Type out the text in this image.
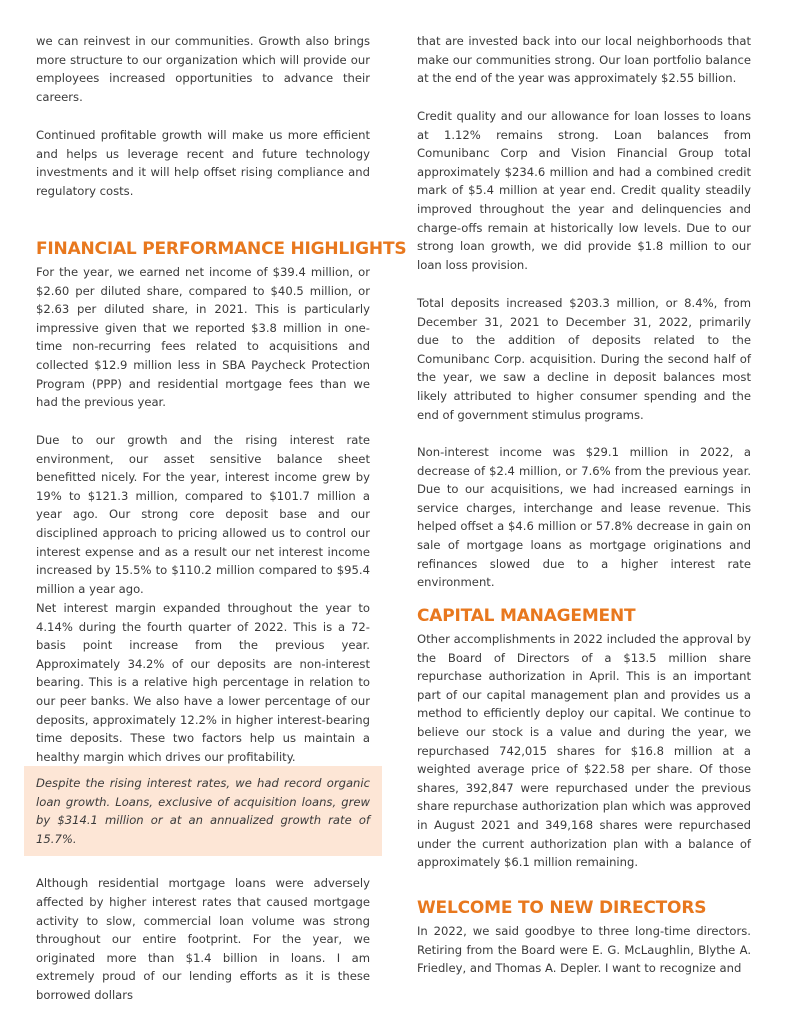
we can reinvest in our communities. Growth also brings more structure to our organization which will provide our employees increased opportunities to advance their careers.

Continued profitable growth will make us more efficient and helps us leverage recent and future technology investments and it will help offset rising compliance and regulatory costs.

FINANCIAL PERFORMANCE HIGHLIGHTS

For the year, we earned net income of $39.4 million, or $2.60 per diluted share, compared to $40.5 million, or $2.63 per diluted share, in 2021. This is particularly impressive given that we reported $3.8 million in one-time non-recurring fees related to acquisitions and collected $12.9 million less in SBA Paycheck Protection Program (PPP) and residential mortgage fees than we had the previous year.

Due to our growth and the rising interest rate environment, our asset sensitive balance sheet benefitted nicely. For the year, interest income grew by 19% to $121.3 million, compared to $101.7 million a year ago. Our strong core deposit base and our disciplined approach to pricing allowed us to control our interest expense and as a result our net interest income increased by 15.5% to $110.2 million compared to $95.4 million a year ago.

Net interest margin expanded throughout the year to 4.14% during the fourth quarter of 2022. This is a 72-basis point increase from the previous year. Approximately 34.2% of our deposits are non-interest bearing. This is a relative high percentage in relation to our peer banks. We also have a lower percentage of our deposits, approximately 12.2% in higher interest-bearing time deposits. These two factors help us maintain a healthy margin which drives our profitability.

Despite the rising interest rates, we had record organic loan growth. Loans, exclusive of acquisition loans, grew by $314.1 million or at an annualized growth rate of 15.7%.

Although residential mortgage loans were adversely affected by higher interest rates that caused mortgage activity to slow, commercial loan volume was strong throughout our entire footprint. For the year, we originated more than $1.4 billion in loans. I am extremely proud of our lending efforts as it is these borrowed dollars

that are invested back into our local neighborhoods that make our communities strong. Our loan portfolio balance at the end of the year was approximately $2.55 billion.

Credit quality and our allowance for loan losses to loans at 1.12% remains strong. Loan balances from Comunibanc Corp and Vision Financial Group total approximately $234.6 million and had a combined credit mark of $5.4 million at year end. Credit quality steadily improved throughout the year and delinquencies and charge-offs remain at historically low levels. Due to our strong loan growth, we did provide $1.8 million to our loan loss provision.

Total deposits increased $203.3 million, or 8.4%, from December 31, 2021 to December 31, 2022, primarily due to the addition of deposits related to the Comunibanc Corp. acquisition. During the second half of the year, we saw a decline in deposit balances most likely attributed to higher consumer spending and the end of government stimulus programs.

Non-interest income was $29.1 million in 2022, a decrease of $2.4 million, or 7.6% from the previous year. Due to our acquisitions, we had increased earnings in service charges, interchange and lease revenue. This helped offset a $4.6 million or 57.8% decrease in gain on sale of mortgage loans as mortgage originations and refinances slowed due to a higher interest rate environment.

CAPITAL MANAGEMENT

Other accomplishments in 2022 included the approval by the Board of Directors of a $13.5 million share repurchase authorization in April. This is an important part of our capital management plan and provides us a method to efficiently deploy our capital. We continue to believe our stock is a value and during the year, we repurchased 742,015 shares for $16.8 million at a weighted average price of $22.58 per share. Of those shares, 392,847 were repurchased under the previous share repurchase authorization plan which was approved in August 2021 and 349,168 shares were repurchased under the current authorization plan with a balance of approximately $6.1 million remaining.

WELCOME TO NEW DIRECTORS

In 2022, we said goodbye to three long-time directors. Retiring from the Board were E. G. McLaughlin, Blythe A. Friedley, and Thomas A. Depler. I want to recognize and
